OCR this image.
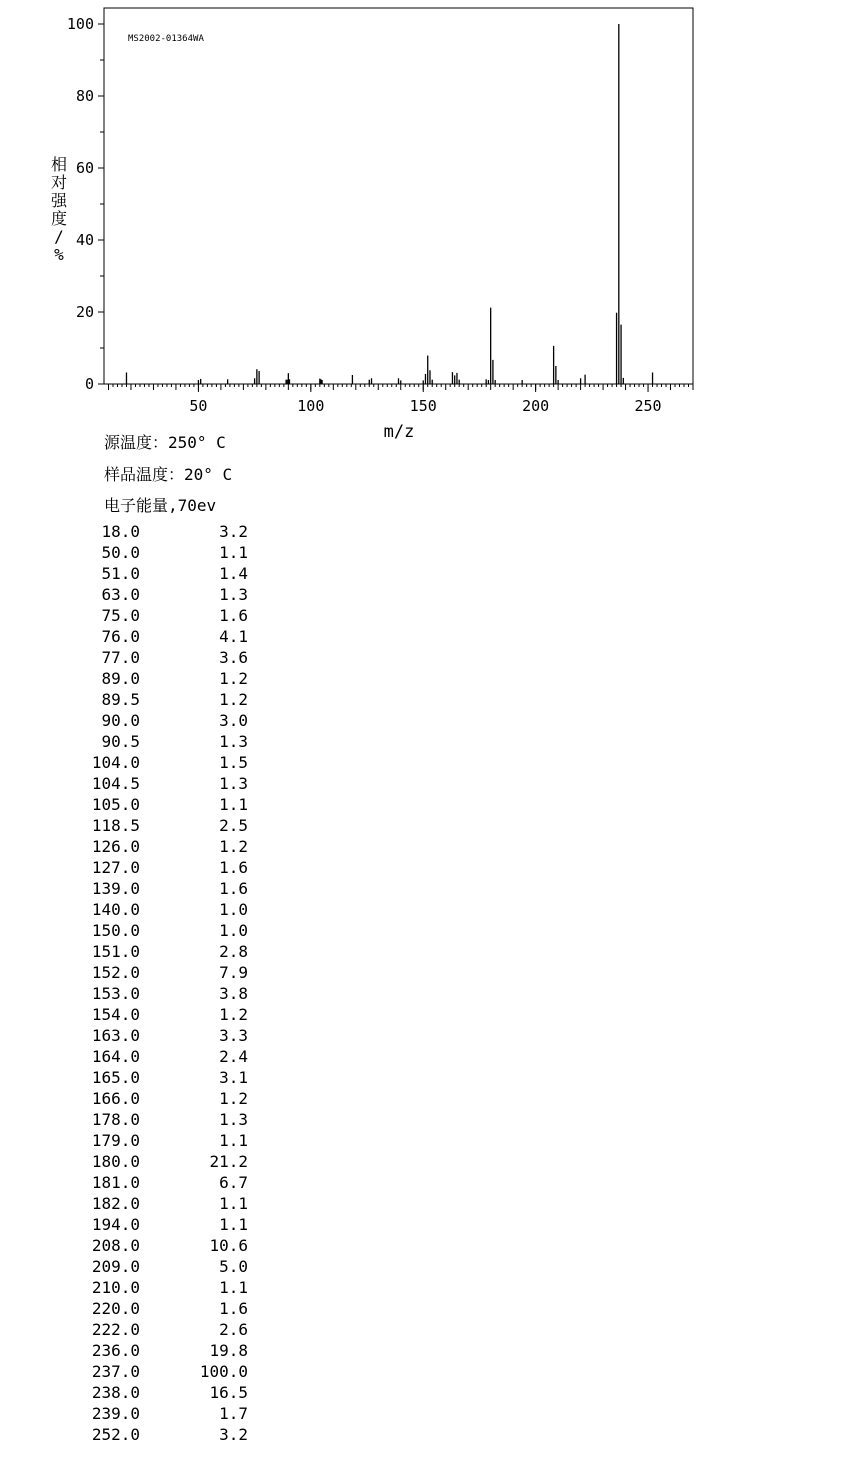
MS2002-01364WA
相对强度/ %
0
20
40
60
80
100
50	100	150	200	250
m/z
源温度：250° C
样品温度：20° C
电子能量,70ev
18.0	3.2
50.0	1.1
51.0	1.4
63.0	1.3
75.0	1.6
76.0	4.1
77.0	3.6
89.0	1.2
89.5	1.2
90.0	3.0
90.5	1.3
104.0	1.5
104.5	1.3
105.0	1.1
118.5	2.5
126.0	1.2
127.0	1.6
139.0	1.6
140.0	1.0
150.0	1.0
151.0	2.8
152.0	7.9
153.0	3.8
154.0	1.2
163.0	3.3
164.0	2.4
165.0	3.1
166.0	1.2
178.0	1.3
179.0	1.1
180.0	21.2
181.0	6.7
182.0	1.1
194.0	1.1
208.0	10.6
209.0	5.0
210.0	1.1
220.0	1.6
222.0	2.6
236.0	19.8
237.0	100.0
238.0	16.5
239.0	1.7
252.0	3.2
